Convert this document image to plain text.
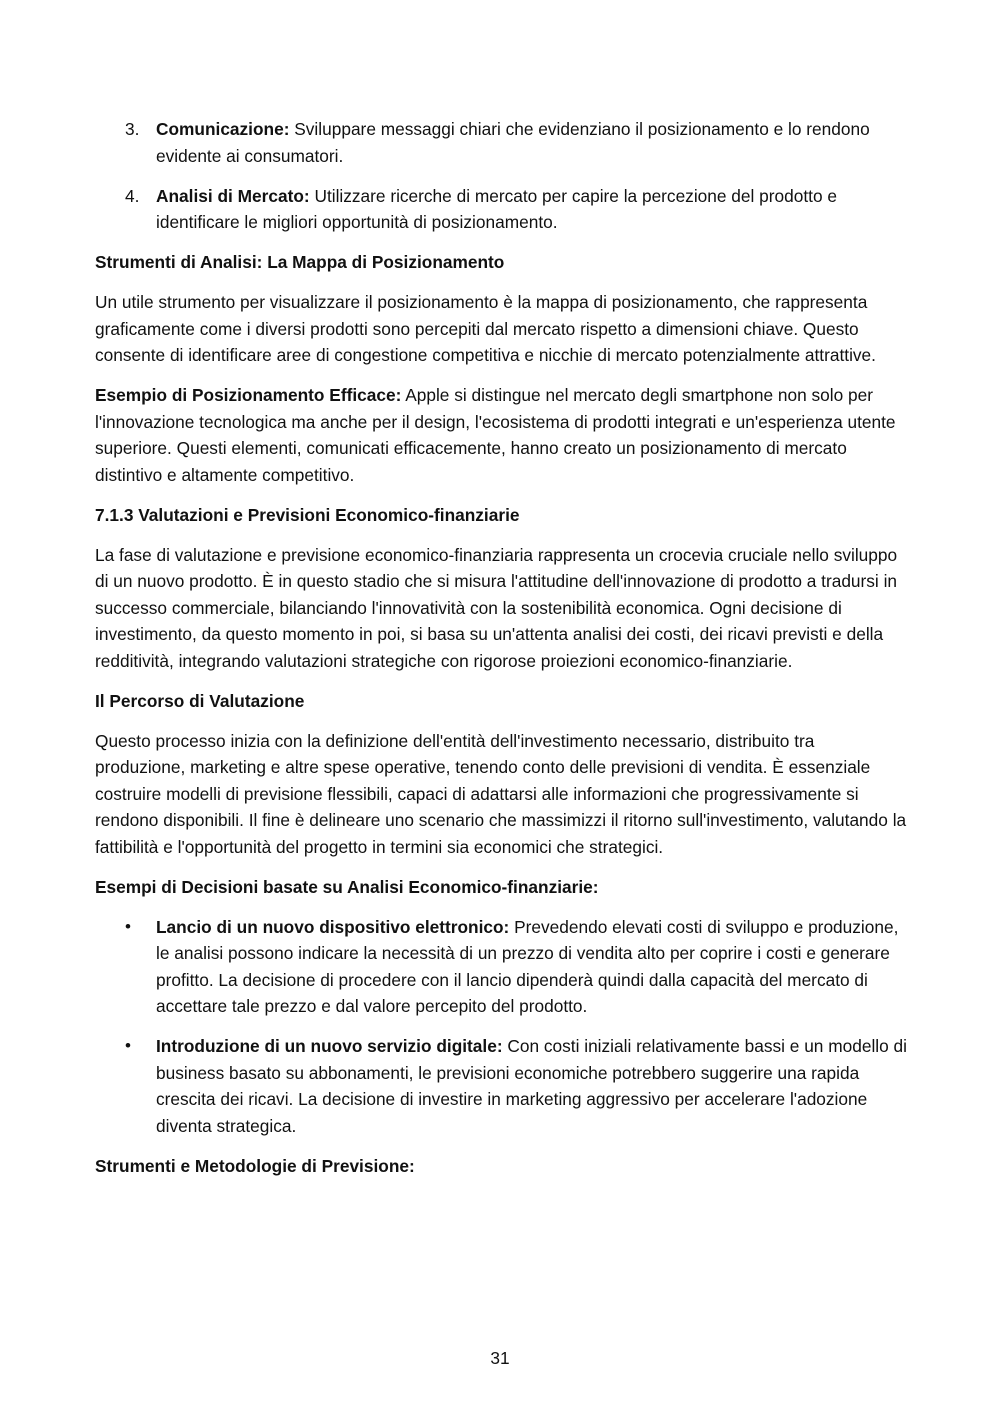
3. Comunicazione: Sviluppare messaggi chiari che evidenziano il posizionamento e lo rendono evidente ai consumatori.
4. Analisi di Mercato: Utilizzare ricerche di mercato per capire la percezione del prodotto e identificare le migliori opportunità di posizionamento.
Strumenti di Analisi: La Mappa di Posizionamento

Un utile strumento per visualizzare il posizionamento è la mappa di posizionamento, che rappresenta graficamente come i diversi prodotti sono percepiti dal mercato rispetto a dimensioni chiave. Questo consente di identificare aree di congestione competitiva e nicchie di mercato potenzialmente attrattive.

Esempio di Posizionamento Efficace: Apple si distingue nel mercato degli smartphone non solo per l'innovazione tecnologica ma anche per il design, l'ecosistema di prodotti integrati e un'esperienza utente superiore. Questi elementi, comunicati efficacemente, hanno creato un posizionamento di mercato distintivo e altamente competitivo.

7.1.3 Valutazioni e Previsioni Economico-finanziarie

La fase di valutazione e previsione economico-finanziaria rappresenta un crocevia cruciale nello sviluppo di un nuovo prodotto. È in questo stadio che si misura l'attitudine dell'innovazione di prodotto a tradursi in successo commerciale, bilanciando l'innovatività con la sostenibilità economica. Ogni decisione di investimento, da questo momento in poi, si basa su un'attenta analisi dei costi, dei ricavi previsti e della redditività, integrando valutazioni strategiche con rigorose proiezioni economico-finanziarie.

Il Percorso di Valutazione

Questo processo inizia con la definizione dell'entità dell'investimento necessario, distribuito tra produzione, marketing e altre spese operative, tenendo conto delle previsioni di vendita. È essenziale costruire modelli di previsione flessibili, capaci di adattarsi alle informazioni che progressivamente si rendono disponibili. Il fine è delineare uno scenario che massimizzi il ritorno sull'investimento, valutando la fattibilità e l'opportunità del progetto in termini sia economici che strategici.

Esempi di Decisioni basate su Analisi Economico-finanziarie:
• Lancio di un nuovo dispositivo elettronico: Prevedendo elevati costi di sviluppo e produzione, le analisi possono indicare la necessità di un prezzo di vendita alto per coprire i costi e generare profitto. La decisione di procedere con il lancio dipenderà quindi dalla capacità del mercato di accettare tale prezzo e dal valore percepito del prodotto.
• Introduzione di un nuovo servizio digitale: Con costi iniziali relativamente bassi e un modello di business basato su abbonamenti, le previsioni economiche potrebbero suggerire una rapida crescita dei ricavi. La decisione di investire in marketing aggressivo per accelerare l'adozione diventa strategica.
Strumenti e Metodologie di Previsione:
31
